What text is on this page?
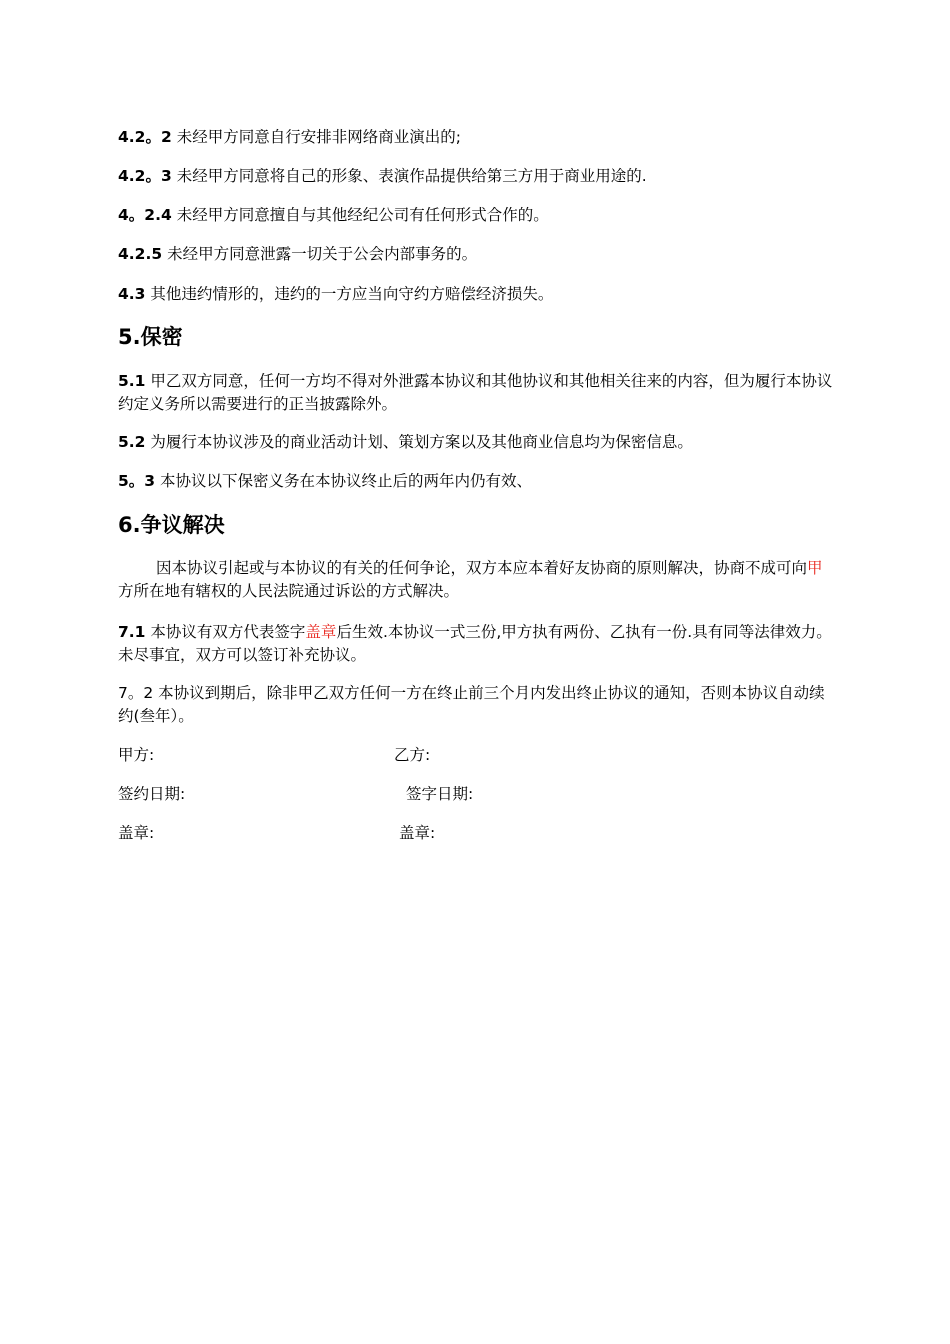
4.2。2 未经甲方同意自行安排非网络商业演出的;

4.2。3 未经甲方同意将自己的形象、表演作品提供给第三方用于商业用途的.

4。2.4 未经甲方同意擅自与其他经纪公司有任何形式合作的。

4.2.5 未经甲方同意泄露一切关于公会内部事务的。

4.3 其他违约情形的，违约的一方应当向守约方赔偿经济损失。

5.保密

5.1 甲乙双方同意，任何一方均不得对外泄露本协议和其他协议和其他相关往来的内容，但为履行本协议约定义务所以需要进行的正当披露除外。

5.2 为履行本协议涉及的商业活动计划、策划方案以及其他商业信息均为保密信息。

5。3 本协议以下保密义务在本协议终止后的两年内仍有效、

6.争议解决

因本协议引起或与本协议的有关的任何争论，双方本应本着好友协商的原则解决，协商不成可向甲方所在地有辖权的人民法院通过诉讼的方式解决。

7.1 本协议有双方代表签字盖章后生效.本协议一式三份,甲方执有两份、乙执有一份.具有同等法律效力。未尽事宜，双方可以签订补充协议。

7。2 本协议到期后，除非甲乙双方任何一方在终止前三个月内发出终止协议的通知，否则本协议自动续约(叁年）。

甲方:	乙方:

签约日期:	签字日期:

盖章:	盖章:
